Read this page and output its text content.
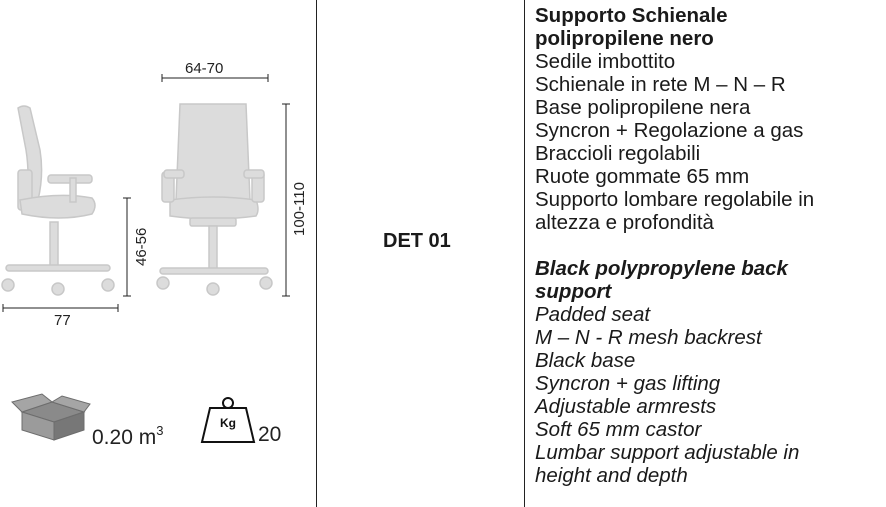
64-70
77
46-56
100-110
0.20 $m^3$	Kg 20
DET 01
Supporto Schienale
polipropilene nero
Sedile imbottito
Schienale in rete M – N – R
Base polipropilene nera
Syncron + Regolazione a gas
Braccioli regolabili
Ruote gommate 65 mm
Supporto lombare regolabile in
altezza e profondità
Black polypropylene back
support
Padded seat
M – N - R mesh backrest
Black base
Syncron + gas lifting
Adjustable armrests
Soft 65 mm castor
Lumbar support adjustable in
height and depth
